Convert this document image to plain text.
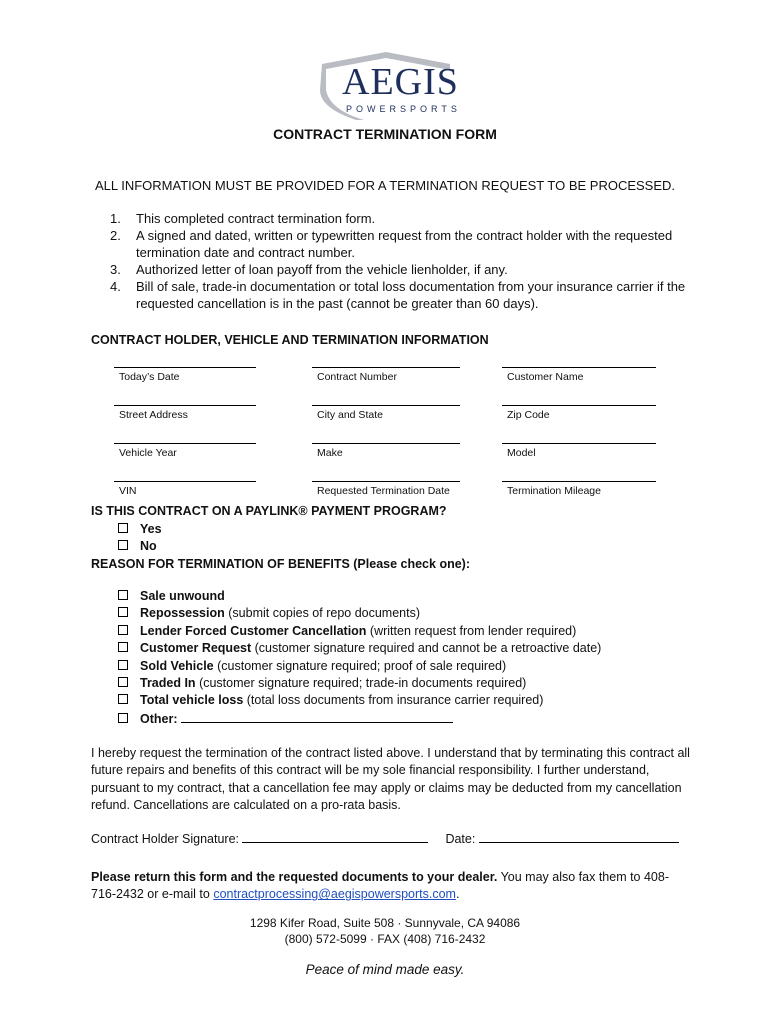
AEGIS
POWERSPORTS
CONTRACT TERMINATION FORM
ALL INFORMATION MUST BE PROVIDED FOR A TERMINATION REQUEST TO BE PROCESSED.
1. This completed contract termination form.
2. A signed and dated, written or typewritten request from the contract holder with the requested termination date and contract number.
3. Authorized letter of loan payoff from the vehicle lienholder, if any.
4. Bill of sale, trade-in documentation or total loss documentation from your insurance carrier if the requested cancellation is in the past (cannot be greater than 60 days).
CONTRACT HOLDER, VEHICLE AND TERMINATION INFORMATION
Today’s Date	Contract Number	Customer Name
Street Address	City and State	Zip Code
Vehicle Year	Make	Model
VIN	Requested Termination Date	Termination Mileage
IS THIS CONTRACT ON A PAYLINK® PAYMENT PROGRAM?
Yes
No
REASON FOR TERMINATION OF BENEFITS (Please check one):
Sale unwound
Repossession (submit copies of repo documents)
Lender Forced Customer Cancellation (written request from lender required)
Customer Request (customer signature required and cannot be a retroactive date)
Sold Vehicle (customer signature required; proof of sale required)
Traded In (customer signature required; trade-in documents required)
Total vehicle loss (total loss documents from insurance carrier required)
Other:
I hereby request the termination of the contract listed above. I understand that by terminating this contract all future repairs and benefits of this contract will be my sole financial responsibility. I further understand, pursuant to my contract, that a cancellation fee may apply or claims may be deducted from my cancellation refund. Cancellations are calculated on a pro-rata basis.
Contract Holder Signature:	Date:
Please return this form and the requested documents to your dealer. You may also fax them to 408-716-2432 or e-mail to contractprocessing@aegispowersports.com.
1298 Kifer Road, Suite 508 · Sunnyvale, CA 94086
(800) 572-5099 · FAX (408) 716-2432
Peace of mind made easy.
